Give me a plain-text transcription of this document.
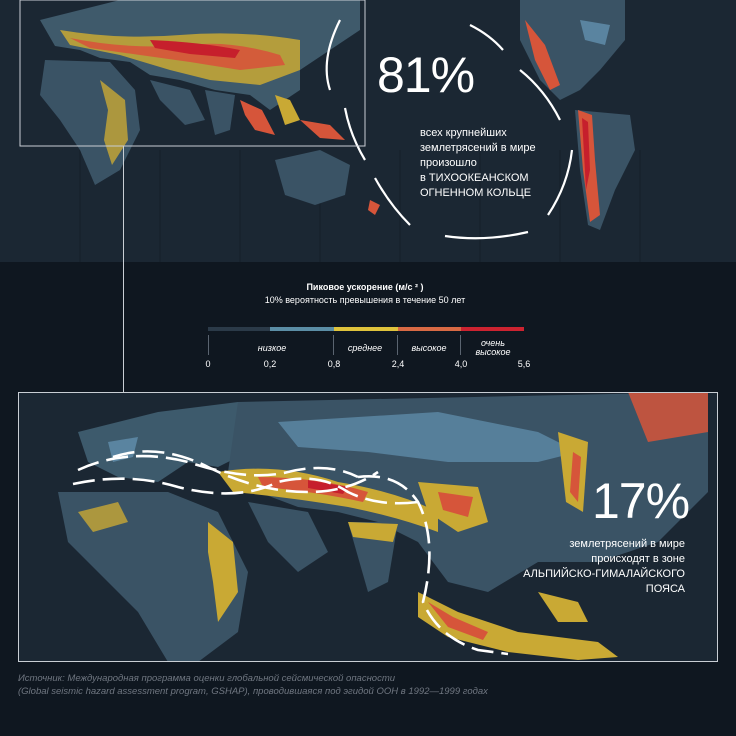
81%
всех крупнейших
землетрясений в мире
произошло
в ТИХООКЕАНСКОМ
ОГНЕННОМ КОЛЬЦЕ
Пиковое ускорение (м/с ² )
10% вероятность превышения в течение 50 лет
низкое	среднее	высокое	очень высокое
0	0,2	0,8	2,4	4,0	5,6
17%
землетрясений в мире
происходят в зоне
АЛЬПИЙСКО-ГИМАЛАЙСКОГО
ПОЯСА
Источник: Международная программа оценки глобальной сейсмической опасности
(Global seismic hazard assessment program, GSHAP), проводившаяся под эгидой ООН в 1992—1999 годах
